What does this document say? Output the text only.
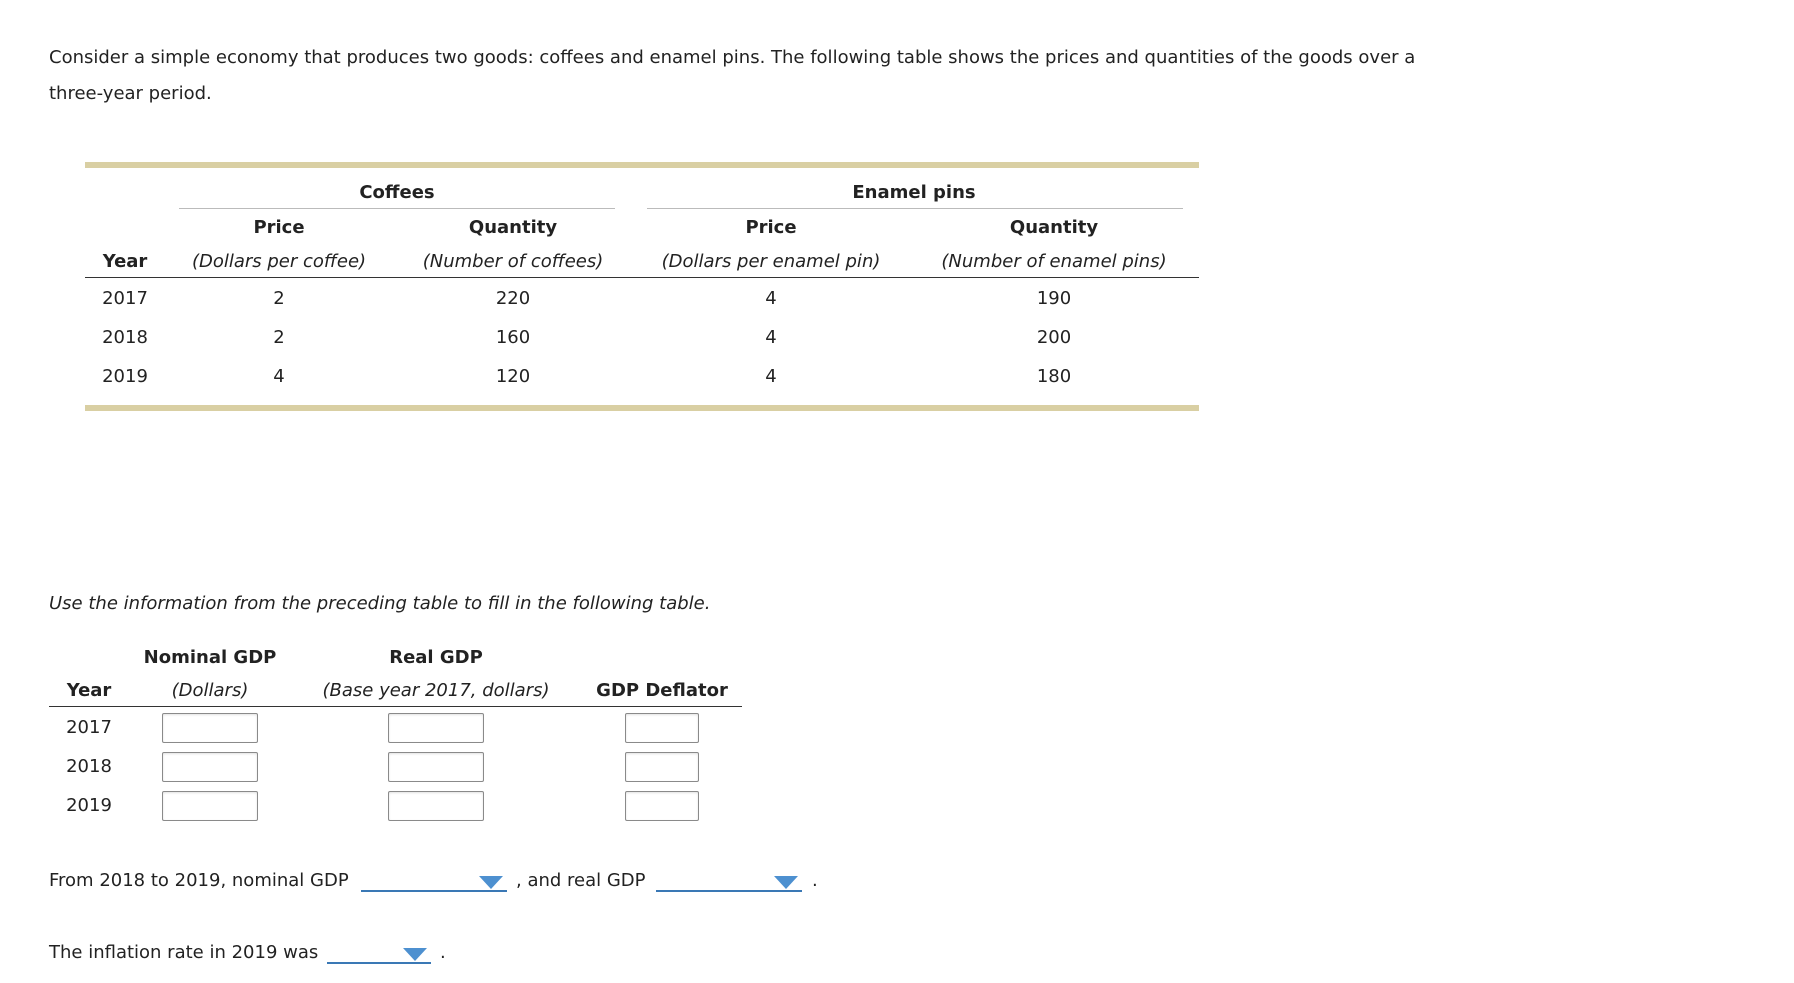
Consider a simple economy that produces two goods: coffees and enamel pins. The following table shows the prices and quantities of the goods over a
three-year period.

Coffees	Enamel pins
Price	Quantity	Price	Quantity
Year (Dollars per coffee)	(Number of coffees)	(Dollars per enamel pin)	(Number of enamel pins)
2017	2	220	4	190
2018	2	160	4	200
2019	4	120	4	180
Use the information from the preceding table to fill in the following table.
Nominal GDP	Real GDP
Year	(Dollars)	(Base year 2017, dollars)	GDP Deflator
2017
2018
2019
From 2018 to 2019, nominal GDP	, and real GDP	.
The inflation rate in 2019 was	.
